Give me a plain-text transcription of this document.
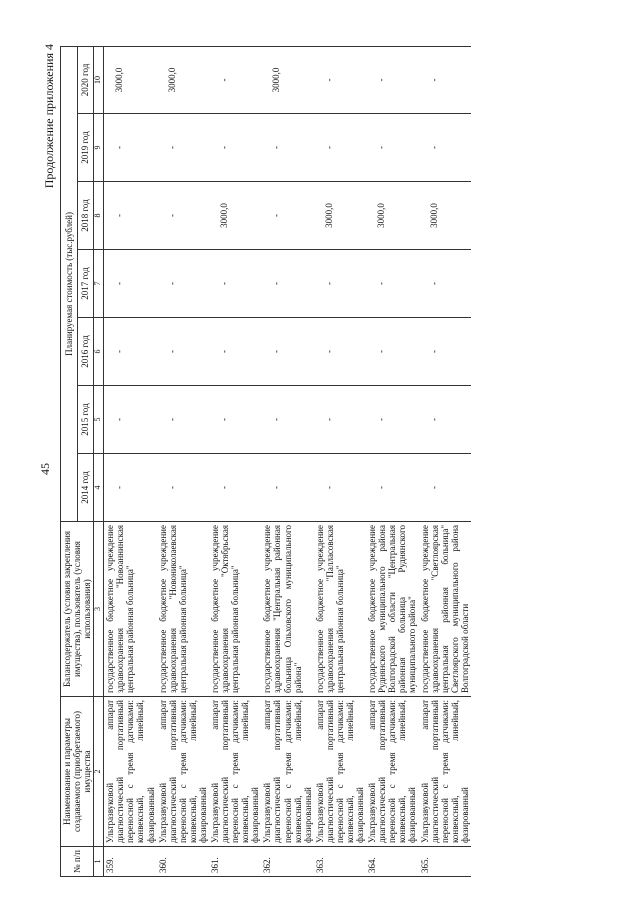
45
Продолжение приложения 4
№ п/п	Наименование и параметры создаваемого (приобретаемого) имущества	Балансодержатель (условия закрепления имущества), пользователь (условия использования)	Планируемая стоимость (тыс.рублей)						
			2014 год	2015 год	2016 год	2017 год	2018 год	2019 год	2020 год
1	2	3	4	5	6	7	8	9	10
359.	Ультразвуковой аппарат диагностический портативный переносной с тремя датчиками: конвексный, линейный, фазированный	государственное бюджетное учреждение здравоохранения "Новоаннинская центральная районная больница"	-	-	-	-	-	-	3000,0
360.	Ультразвуковой аппарат диагностический портативный переносной с тремя датчиками: конвексный, линейный, фазированный	государственное бюджетное учреждение здравоохранения "Новониколаевская центральная районная больница"	-	-	-	-	-	-	3000,0
361.	Ультразвуковой аппарат диагностический портативный переносной с тремя датчиками: конвексный, линейный, фазированный	государственное бюджетное учреждение здравоохранения "Октябрьская центральная районная больница"	-	-	-	-	3000,0	-	-
362.	Ультразвуковой аппарат диагностический портативный переносной с тремя датчиками: конвексный, линейный, фазированный	государственное бюджетное учреждение здравоохранения "Центральная районная больница Ольховского муниципального района"	-	-	-	-	-	-	3000,0
363.	Ультразвуковой аппарат диагностический портативный переносной с тремя датчиками: конвексный, линейный, фазированный	государственное бюджетное учреждение здравоохранения "Палласовская центральная районная больница"	-	-	-	-	3000,0	-	-
364.	Ультразвуковой аппарат диагностический портативный переносной с тремя датчиками: конвексный, линейный, фазированный	государственное бюджетное учреждение Руднянского муниципального района Волгоградской области "Центральная районная больница Руднянского муниципального района"	-	-	-	-	3000,0	-	-
365.	Ультразвуковой аппарат диагностический портативный переносной с тремя датчиками: конвексный, линейный, фазированный	государственное бюджетное учреждение здравоохранения "Светлоярская центральная районная больница" Светлоярского муниципального района Волгоградской области	-	-	-	-	3000,0	-	-
